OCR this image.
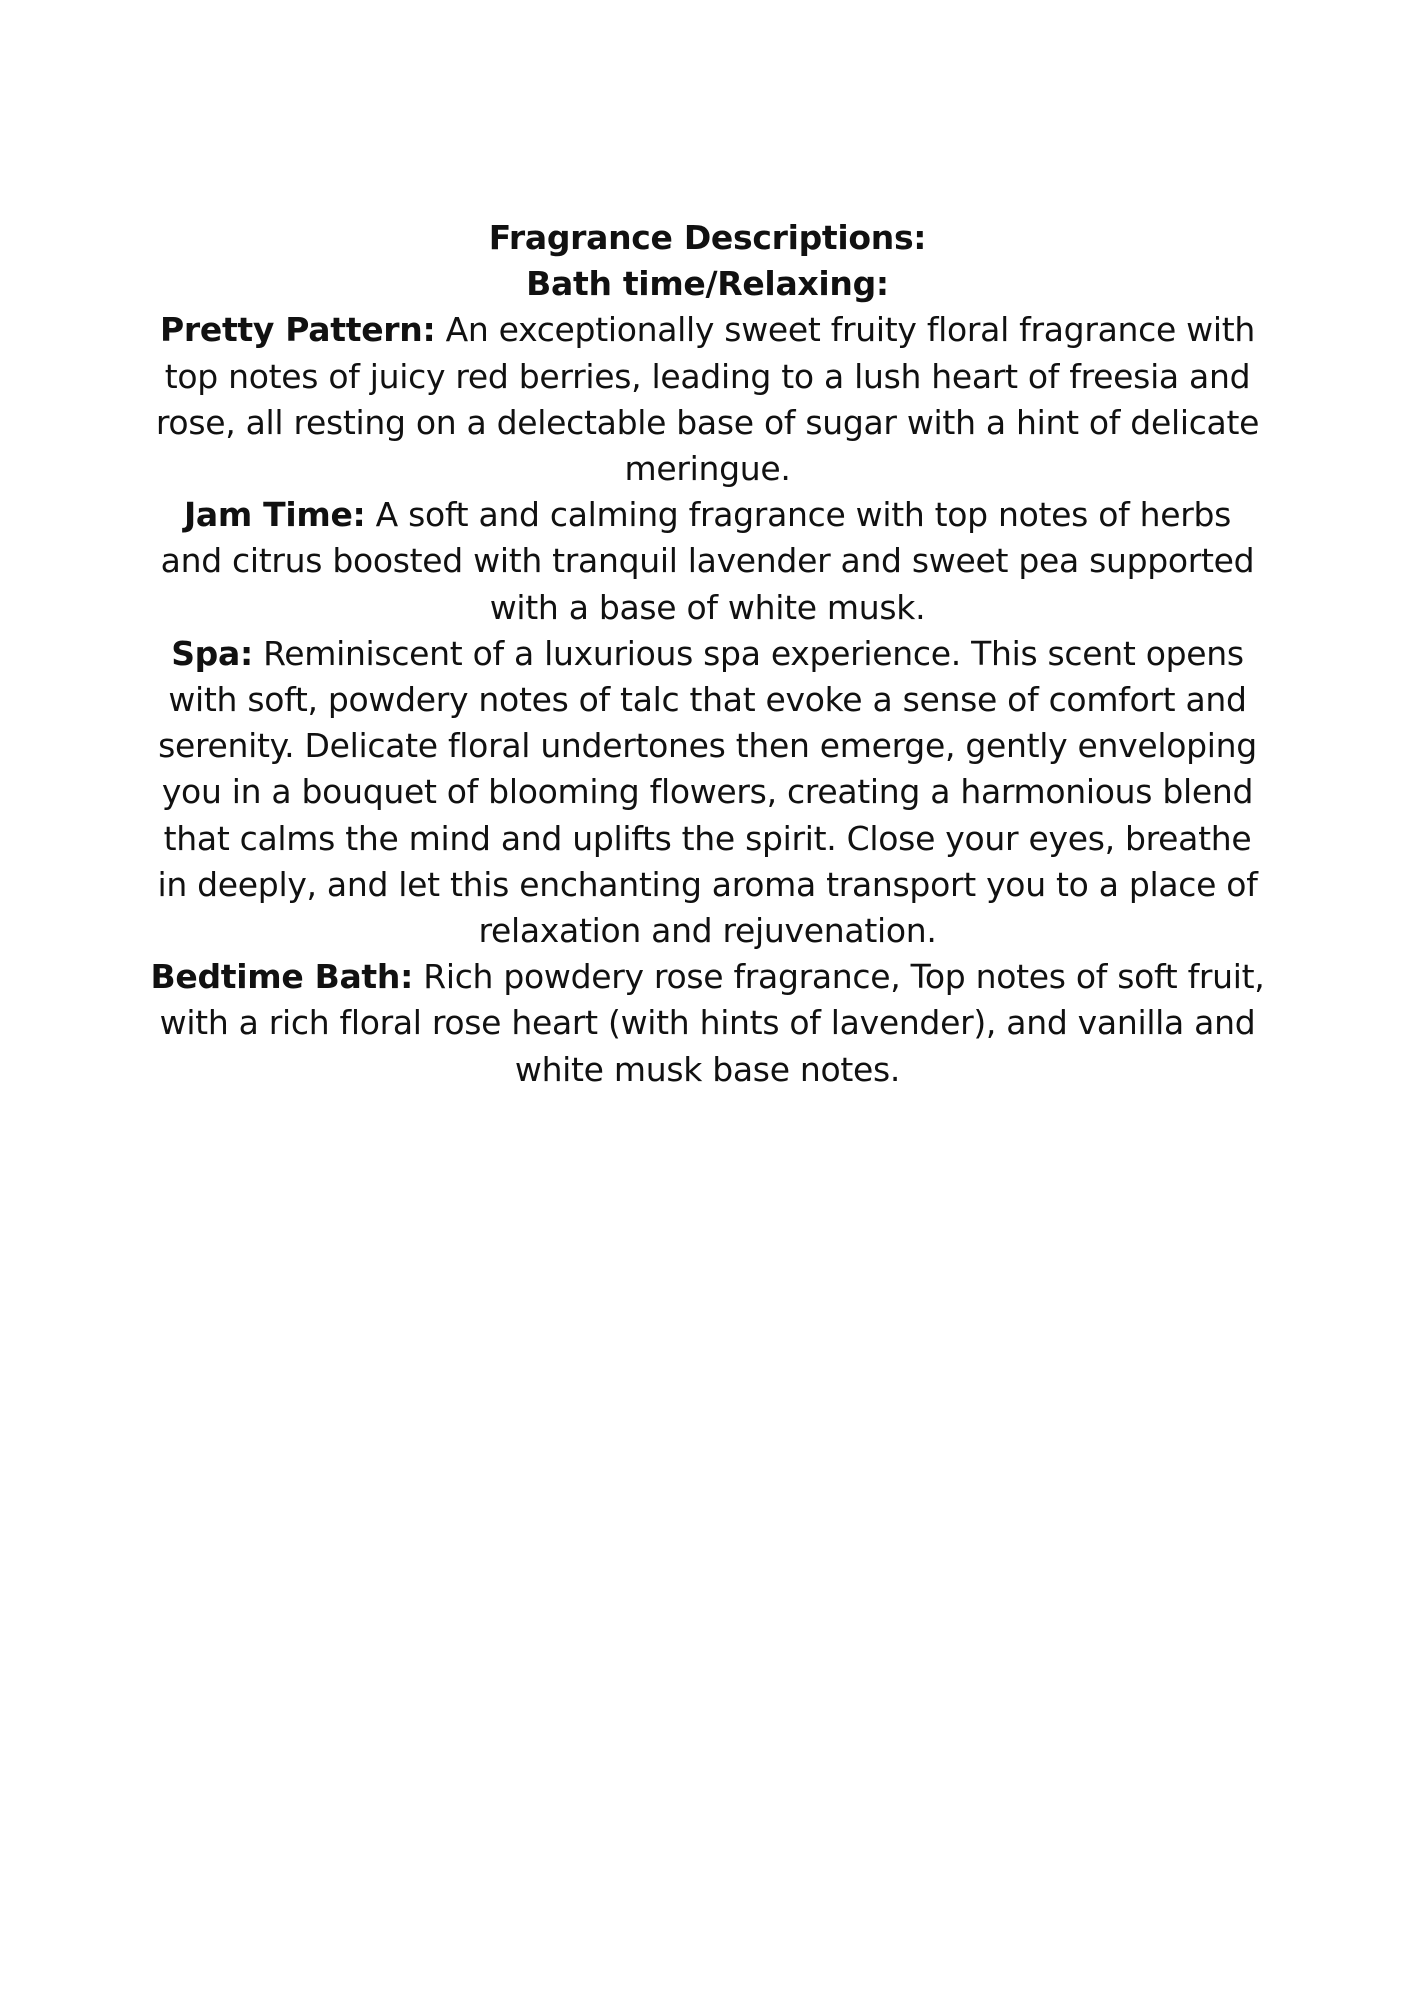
Fragrance Descriptions:

Bath time/Relaxing:

Pretty Pattern: An exceptionally sweet fruity floral fragrance with top notes of juicy red berries, leading to a lush heart of freesia and rose, all resting on a delectable base of sugar with a hint of delicate meringue.

Jam Time: A soft and calming fragrance with top notes of herbs and citrus boosted with tranquil lavender and sweet pea supported with a base of white musk.

Spa: Reminiscent of a luxurious spa experience. This scent opens with soft, powdery notes of talc that evoke a sense of comfort and serenity. Delicate floral undertones then emerge, gently enveloping you in a bouquet of blooming flowers, creating a harmonious blend that calms the mind and uplifts the spirit. Close your eyes, breathe in deeply, and let this enchanting aroma transport you to a place of relaxation and rejuvenation.

Bedtime Bath: Rich powdery rose fragrance, Top notes of soft fruit, with a rich floral rose heart (with hints of lavender), and vanilla and white musk base notes.
